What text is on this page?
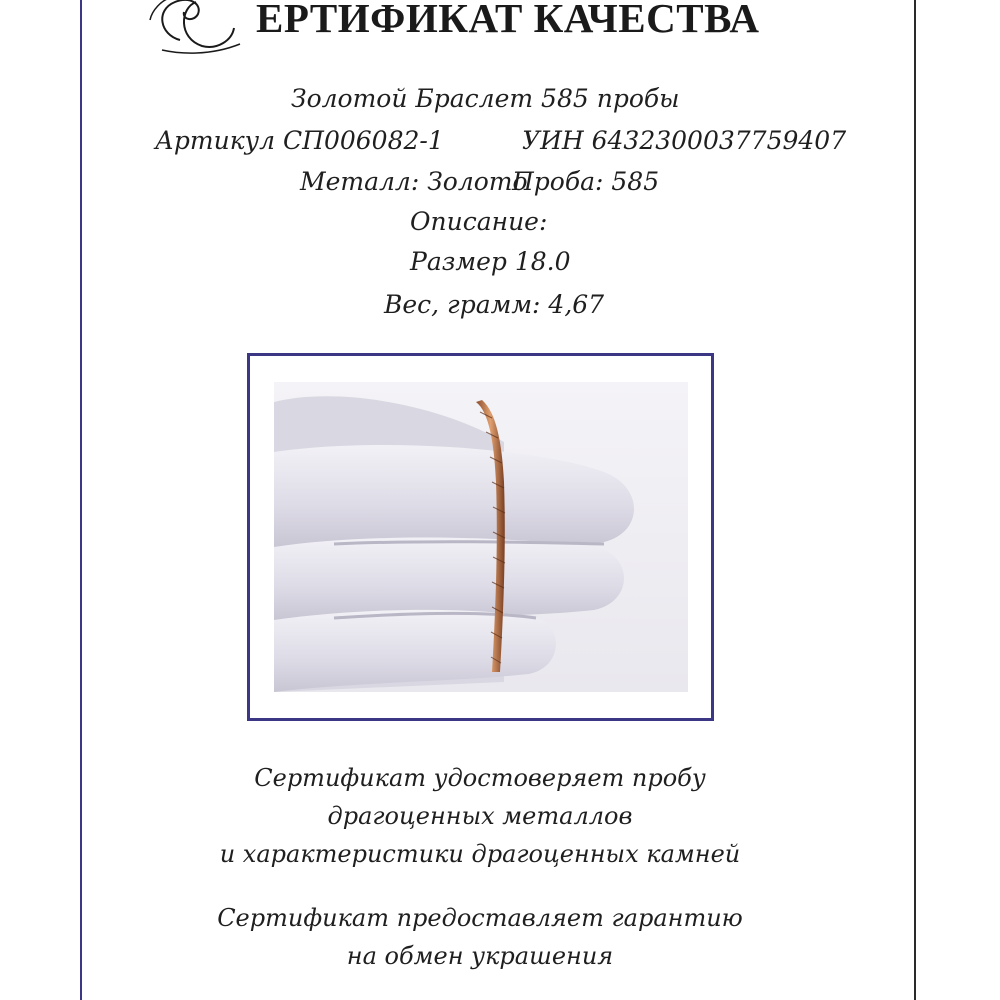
ЕРТИФИКАТ КАЧЕСТВА
Золотой Браслет 585 пробы
Артикул СП006082-1	УИН 6432300037759407
Металл: Золото
Проба: 585
Описание:
Размер 18.0
Вес, грамм: 4,67
Сертификат удостоверяет пробу
драгоценных металлов
и характеристики драгоценных камней
Сертификат предоставляет гарантию
на обмен украшения
